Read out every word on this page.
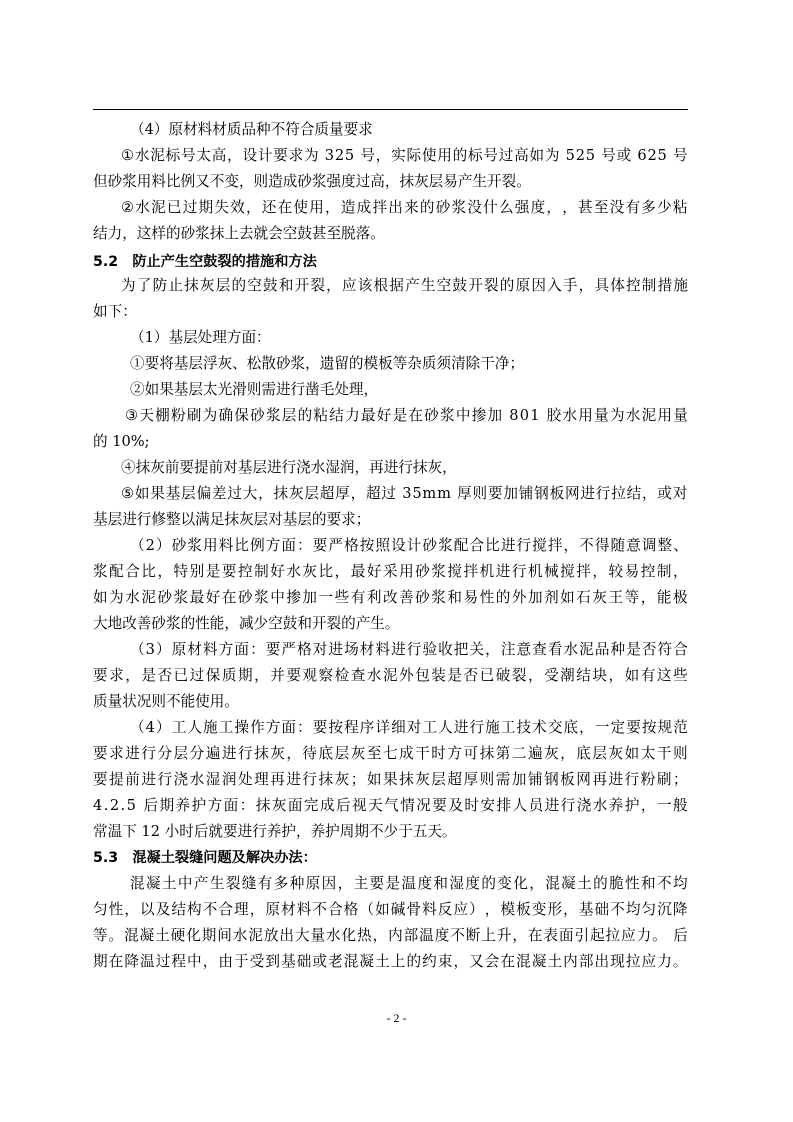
（4）原材料材质品种不符合质量要求
① 水 泥 标 号 太 高 ， 设 计 要 求 为
3 2 5
号 ， 实 际 使 用 的 标 号 过 高 如 为
5 2 5
号 或
6 2 5
号
但砂浆用料比例又不变，则造成砂浆强度过高，抹灰层易产生开裂。
② 水 泥 已 过 期 失 效 ， 还 在 使 用 ， 造 成 拌 出 来 的 砂 浆 没 什 么 强 度 ， ， 甚 至 没 有 多 少 粘
结力，这样的砂浆抹上去就会空鼓甚至脱落。
5.2　防止产生空鼓裂的措施和方法
为 了 防 止 抹 灰 层 的 空 鼓 和 开 裂 ， 应 该 根 据 产 生 空 鼓 开 裂 的 原 因 入 手 ， 具 体 控 制 措 施
如下：
（1）基层处理方面：
①要将基层浮灰、松散砂浆，遗留的模板等杂质须清除干净；
②如果基层太光滑则需进行凿毛处理，
③ 天 棚 粉 刷 为 确 保 砂 浆 层 的 粘 结 力 最 好 是 在 砂 浆 中 掺 加
8 0 1
胶 水 用 量 为 水 泥 用 量
的 10%;
④抹灰前要提前对基层进行浇水湿润，再进行抹灰，
⑤ 如 果 基 层 偏 差 过 大 ， 抹 灰 层 超 厚 ， 超 过
3 5 m m
厚 则 要 加 铺 钢 板 网 进 行 拉 结 ， 或 对
基层进行修整以满足抹灰层对基层的要求；
（ 2 ） 砂 浆 用 料 比 例 方 面 ： 要 严 格 按 照 设 计 砂 浆 配 合 比 进 行 搅 拌 ， 不 得 随 意 调 整 、
浆 配 合 比 ， 特 别 是 要 控 制 好 水 灰 比 ， 最 好 采 用 砂 浆 搅 拌 机 进 行 机 械 搅 拌 ， 较 易 控 制 ，
如 为 水 泥 砂 浆 最 好 在 砂 浆 中 掺 加 一 些 有 利 改 善 砂 浆 和 易 性 的 外 加 剂 如 石 灰 王 等 ， 能 极
大地改善砂浆的性能，减少空鼓和开裂的产生。
（ 3 ） 原 材 料 方 面 ： 要 严 格 对 进 场 材 料 进 行 验 收 把 关 ， 注 意 查 看 水 泥 品 种 是 否 符 合
要 求 ， 是 否 已 过 保 质 期 ， 并 要 观 察 检 查 水 泥 外 包 装 是 否 已 破 裂 ， 受 潮 结 块 ， 如 有 这 些
质量状况则不能使用。
（ 4 ） 工 人 施 工 操 作 方 面 ： 要 按 程 序 详 细 对 工 人 进 行 施 工 技 术 交 底 ， 一 定 要 按 规 范
要 求 进 行 分 层 分 遍 进 行 抹 灰 ， 待 底 层 灰 至 七 成 干 时 方 可 抹 第 二 遍 灰 ， 底 层 灰 如 太 干 则
要 提 前 进 行 浇 水 湿 润 处 理 再 进 行 抹 灰 ； 如 果 抹 灰 层 超 厚 则 需 加 铺 钢 板 网 再 进 行 粉 刷 ；
4 . 2 . 5
后 期 养 护 方 面 ： 抹 灰 面 完 成 后 视 天 气 情 况 要 及 时 安 排 人 员 进 行 浇 水 养 护 ， 一 般
常温下 12 小时后就要进行养护，养护周期不少于五天。
5.3　混凝土裂缝问题及解决办法：
混 凝 土 中 产 生 裂 缝 有 多 种 原 因 ， 主 要 是 温 度 和 湿 度 的 变 化 ， 混 凝 土 的 脆 性 和 不 均
匀 性 ， 以 及 结 构 不 合 理 ， 原 材 料 不 合 格 （ 如 碱 骨 料 反 应 ） ， 模 板 变 形 ， 基 础 不 均 匀 沉 降
等 。 混 凝 土 硬 化 期 间 水 泥 放 出 大 量 水 化 热 ， 内 部 温 度 不 断 上 升 ， 在 表 面 引 起 拉 应 力 。
后
期 在 降 温 过 程 中 ， 由 于 受 到 基 础 或 老 混 凝 土 上 的 约 束 ， 又 会 在 混 凝 土 内 部 出 现 拉 应 力 。
- 2 -
